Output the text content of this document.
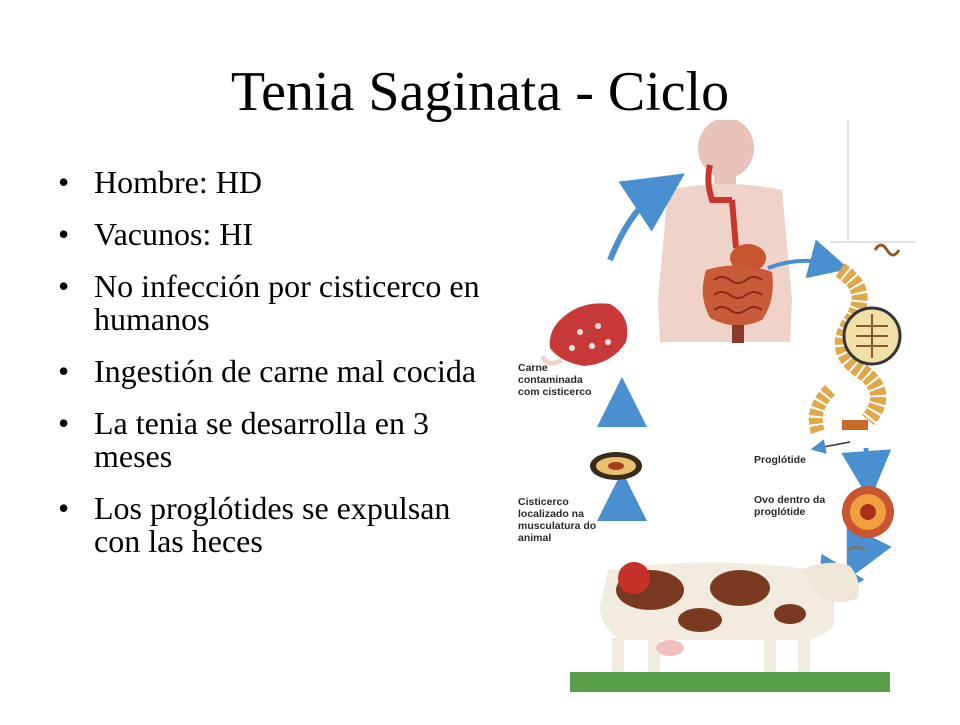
Tenia Saginata - Ciclo
• Hombre: HD
• Vacunos: HI
• No infección por cisticerco en humanos
• Ingestión de carne mal cocida
• La tenia se desarrolla en 3 meses
• Los proglótides se expulsan con las heces
Carne contaminada com cisticerco
Proglótide
Ovo dentro da proglótide
Cisticerco localizado na musculatura do animal
